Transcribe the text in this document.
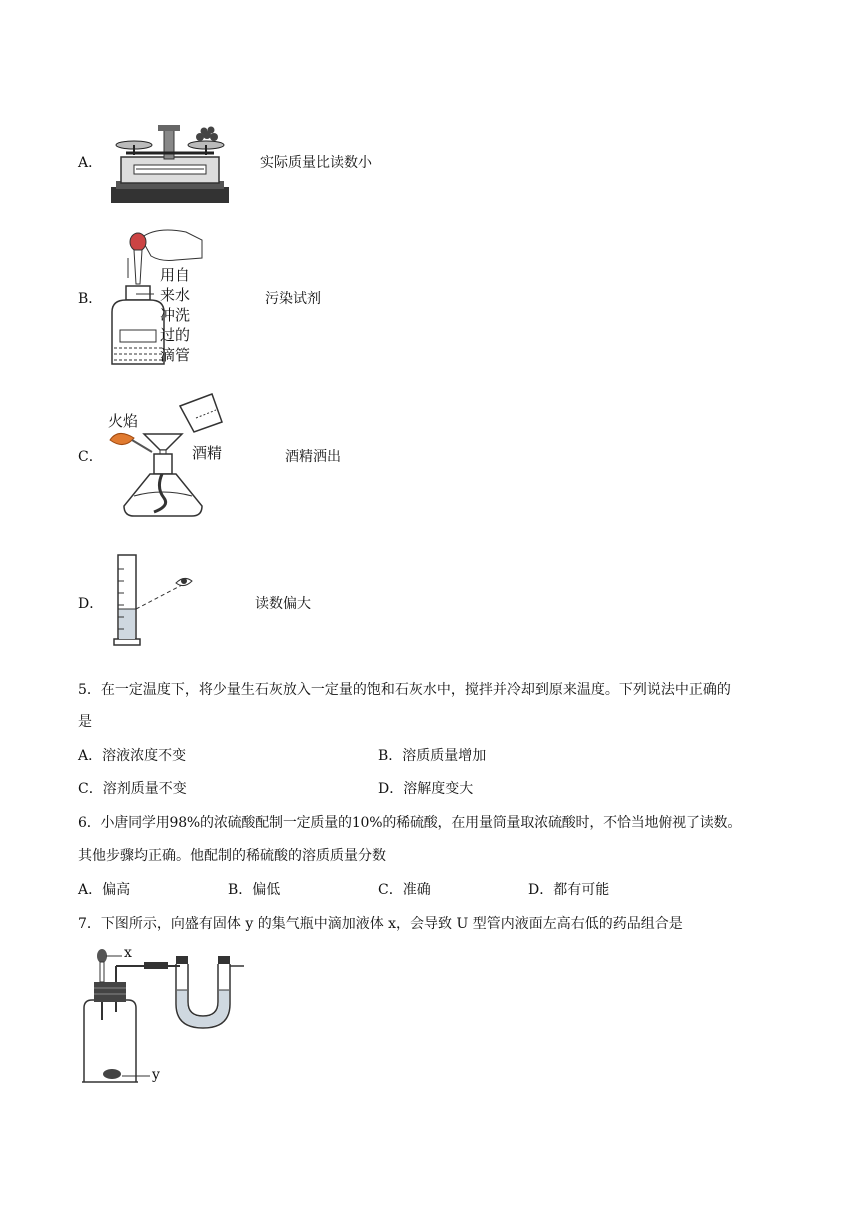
A．	实际质量比读数小
B．
用自
来水
冲洗
过的
滴管
污染试剂
C．
火焰
酒精	酒精洒出
D．	读数偏大
5．在一定温度下，将少量生石灰放入一定量的饱和石灰水中，搅拌并冷却到原来温度。下列说法中正确的
是
A．溶液浓度不变	B．溶质质量增加
C．溶剂质量不变	D．溶解度变大
6．小唐同学用98%的浓硫酸配制一定质量的10%的稀硫酸，在用量筒量取浓硫酸时，不恰当地俯视了读数。
其他步骤均正确。他配制的稀硫酸的溶质质量分数
A．偏高	B．偏低	C．准确	D．都有可能
7．下图所示，向盛有固体 y 的集气瓶中滴加液体 x，会导致 U 型管内液面左高右低的药品组合是
x
y
